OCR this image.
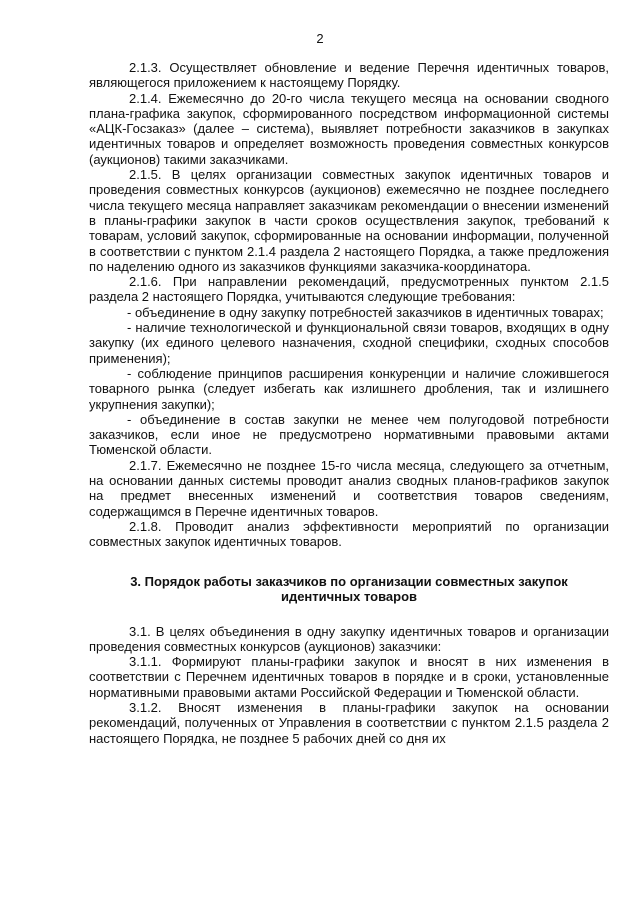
2

2.1.3. Осуществляет обновление и ведение Перечня идентичных товаров, являющегося приложением к настоящему Порядку.

2.1.4. Ежемесячно до 20-го числа текущего месяца на основании сводного плана-графика закупок, сформированного посредством информационной системы «АЦК-Госзаказ» (далее – система), выявляет потребности заказчиков в закупках идентичных товаров и определяет возможность проведения совместных конкурсов (аукционов) такими заказчиками.

2.1.5. В целях организации совместных закупок идентичных товаров и проведения совместных конкурсов (аукционов) ежемесячно не позднее последнего числа текущего месяца направляет заказчикам рекомендации о внесении изменений в планы-графики закупок в части сроков осуществления закупок, требований к товарам, условий закупок, сформированные на основании информации, полученной в соответствии с пунктом 2.1.4 раздела 2 настоящего Порядка, а также предложения по наделению одного из заказчиков функциями заказчика-координатора.

2.1.6. При направлении рекомендаций, предусмотренных пунктом 2.1.5 раздела 2 настоящего Порядка, учитываются следующие требования:

- объединение в одну закупку потребностей заказчиков в идентичных товарах;

- наличие технологической и функциональной связи товаров, входящих в одну закупку (их единого целевого назначения, сходной специфики, сходных способов применения);

- соблюдение принципов расширения конкуренции и наличие сложившегося товарного рынка (следует избегать как излишнего дробления, так и излишнего укрупнения закупки);

- объединение в состав закупки не менее чем полугодовой потребности заказчиков, если иное не предусмотрено нормативными правовыми актами Тюменской области.

2.1.7. Ежемесячно не позднее 15-го числа месяца, следующего за отчетным, на основании данных системы проводит анализ сводных планов-графиков закупок на предмет внесенных изменений и соответствия товаров сведениям, содержащимся в Перечне идентичных товаров.

2.1.8. Проводит анализ эффективности мероприятий по организации совместных закупок идентичных товаров.

3. Порядок работы заказчиков по организации совместных закупок идентичных товаров

3.1. В целях объединения в одну закупку идентичных товаров и организации проведения совместных конкурсов (аукционов) заказчики:

3.1.1. Формируют планы-графики закупок и вносят в них изменения в соответствии с Перечнем идентичных товаров в порядке и в сроки, установленные нормативными правовыми актами Российской Федерации и Тюменской области.

3.1.2. Вносят изменения в планы-графики закупок на основании рекомендаций, полученных от Управления в соответствии с пунктом 2.1.5 раздела 2 настоящего Порядка, не позднее 5 рабочих дней со дня их
